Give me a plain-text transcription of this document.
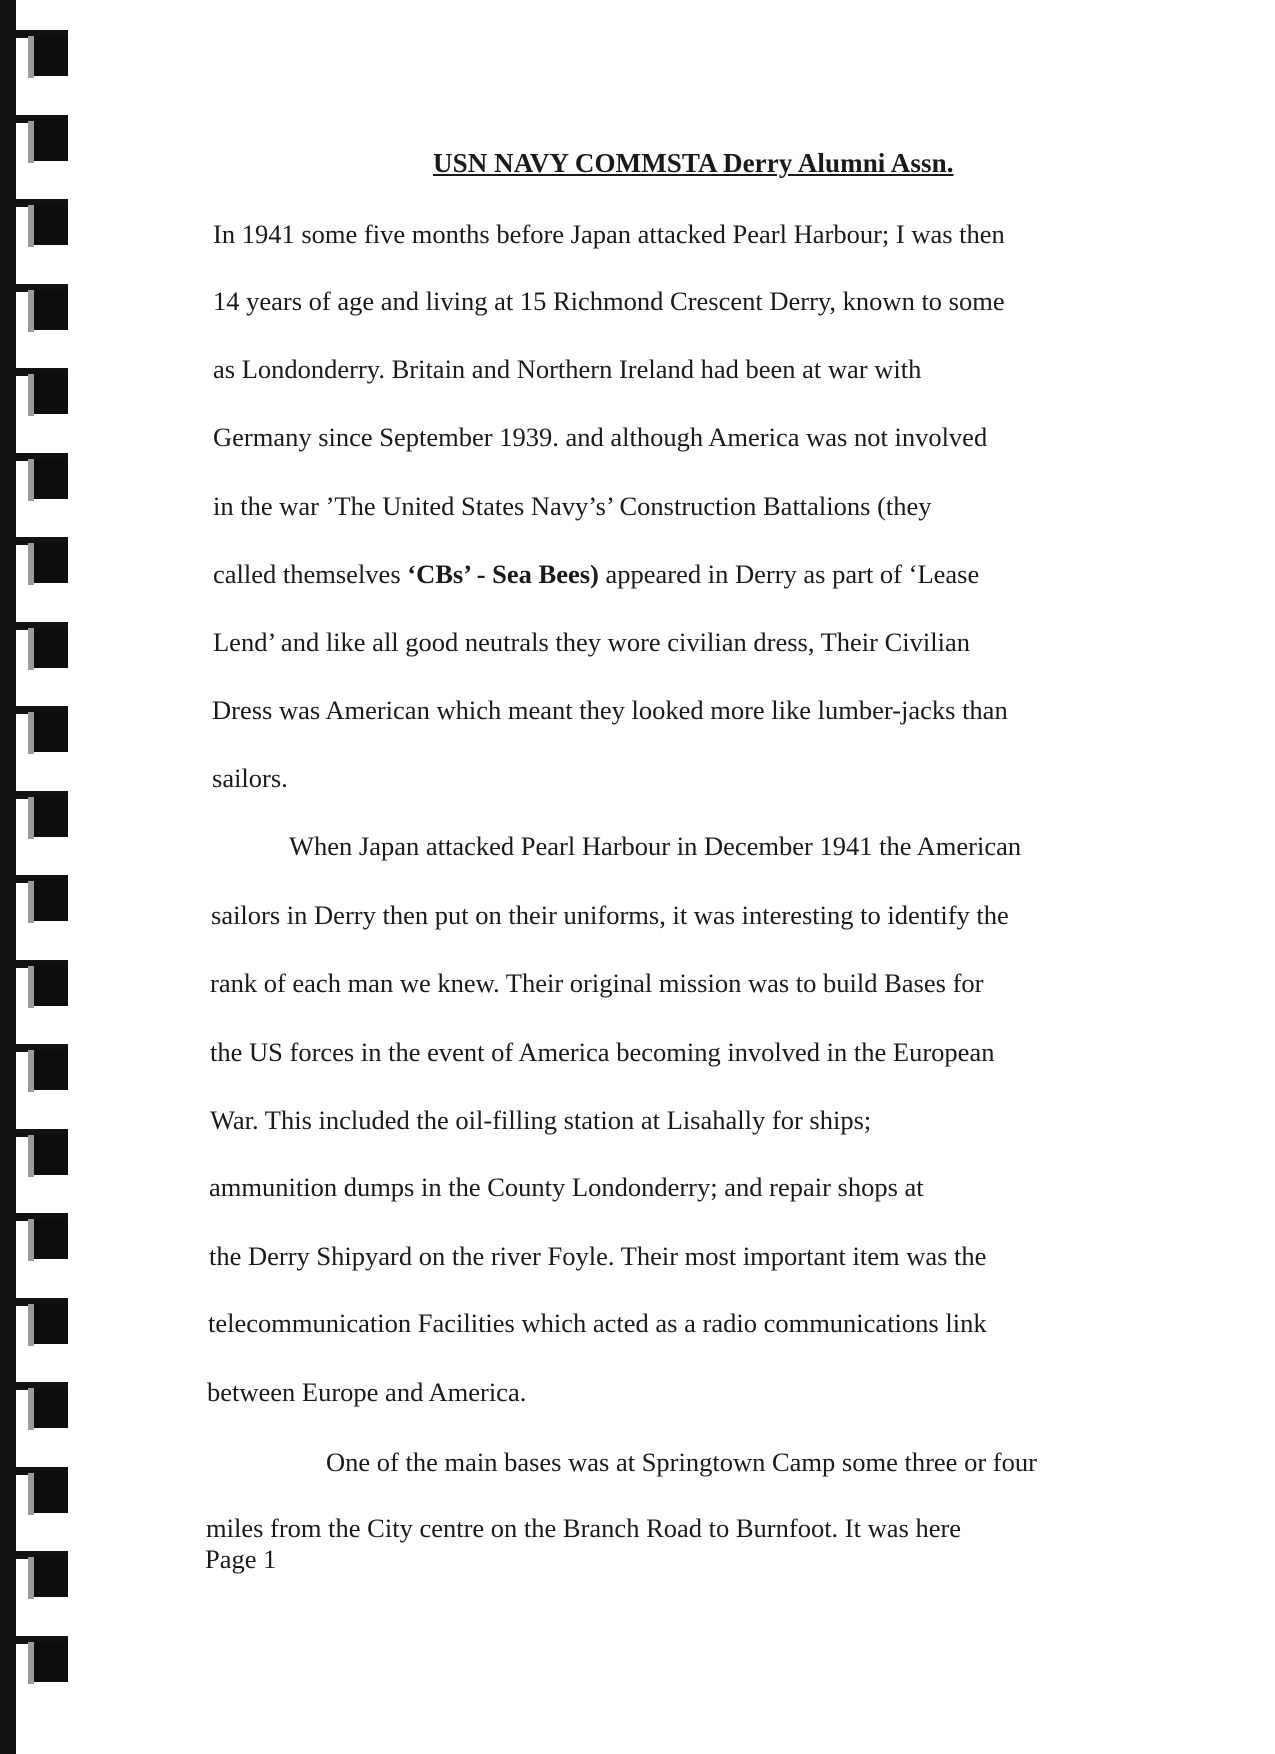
USN NAVY COMMSTA Derry Alumni Assn.
In 1941 some five months before Japan attacked Pearl Harbour; I was then
14 years of age and living at 15 Richmond Crescent Derry, known to some
as Londonderry. Britain and Northern Ireland had been at war with
Germany since September 1939. and although America was not involved
in the war ’The United States Navy’s’ Construction Battalions (they
called themselves ‘CBs’ - Sea Bees) appeared in Derry as part of ‘Lease
Lend’ and like all good neutrals they wore civilian dress, Their Civilian
Dress was American which meant they looked more like lumber-jacks than
sailors.
When Japan attacked Pearl Harbour in December 1941 the American
sailors in Derry then put on their uniforms, it was interesting to identify the
rank of each man we knew. Their original mission was to build Bases for
the US forces in the event of America becoming involved in the European
War. This included the oil-filling station at Lisahally for ships;
ammunition dumps in the County Londonderry; and repair shops at
the Derry Shipyard on the river Foyle. Their most important item was the
telecommunication Facilities which acted as a radio communications link
between Europe and America.
One of the main bases was at Springtown Camp some three or four
miles from the City centre on the Branch Road to Burnfoot. It was here
Page 1
